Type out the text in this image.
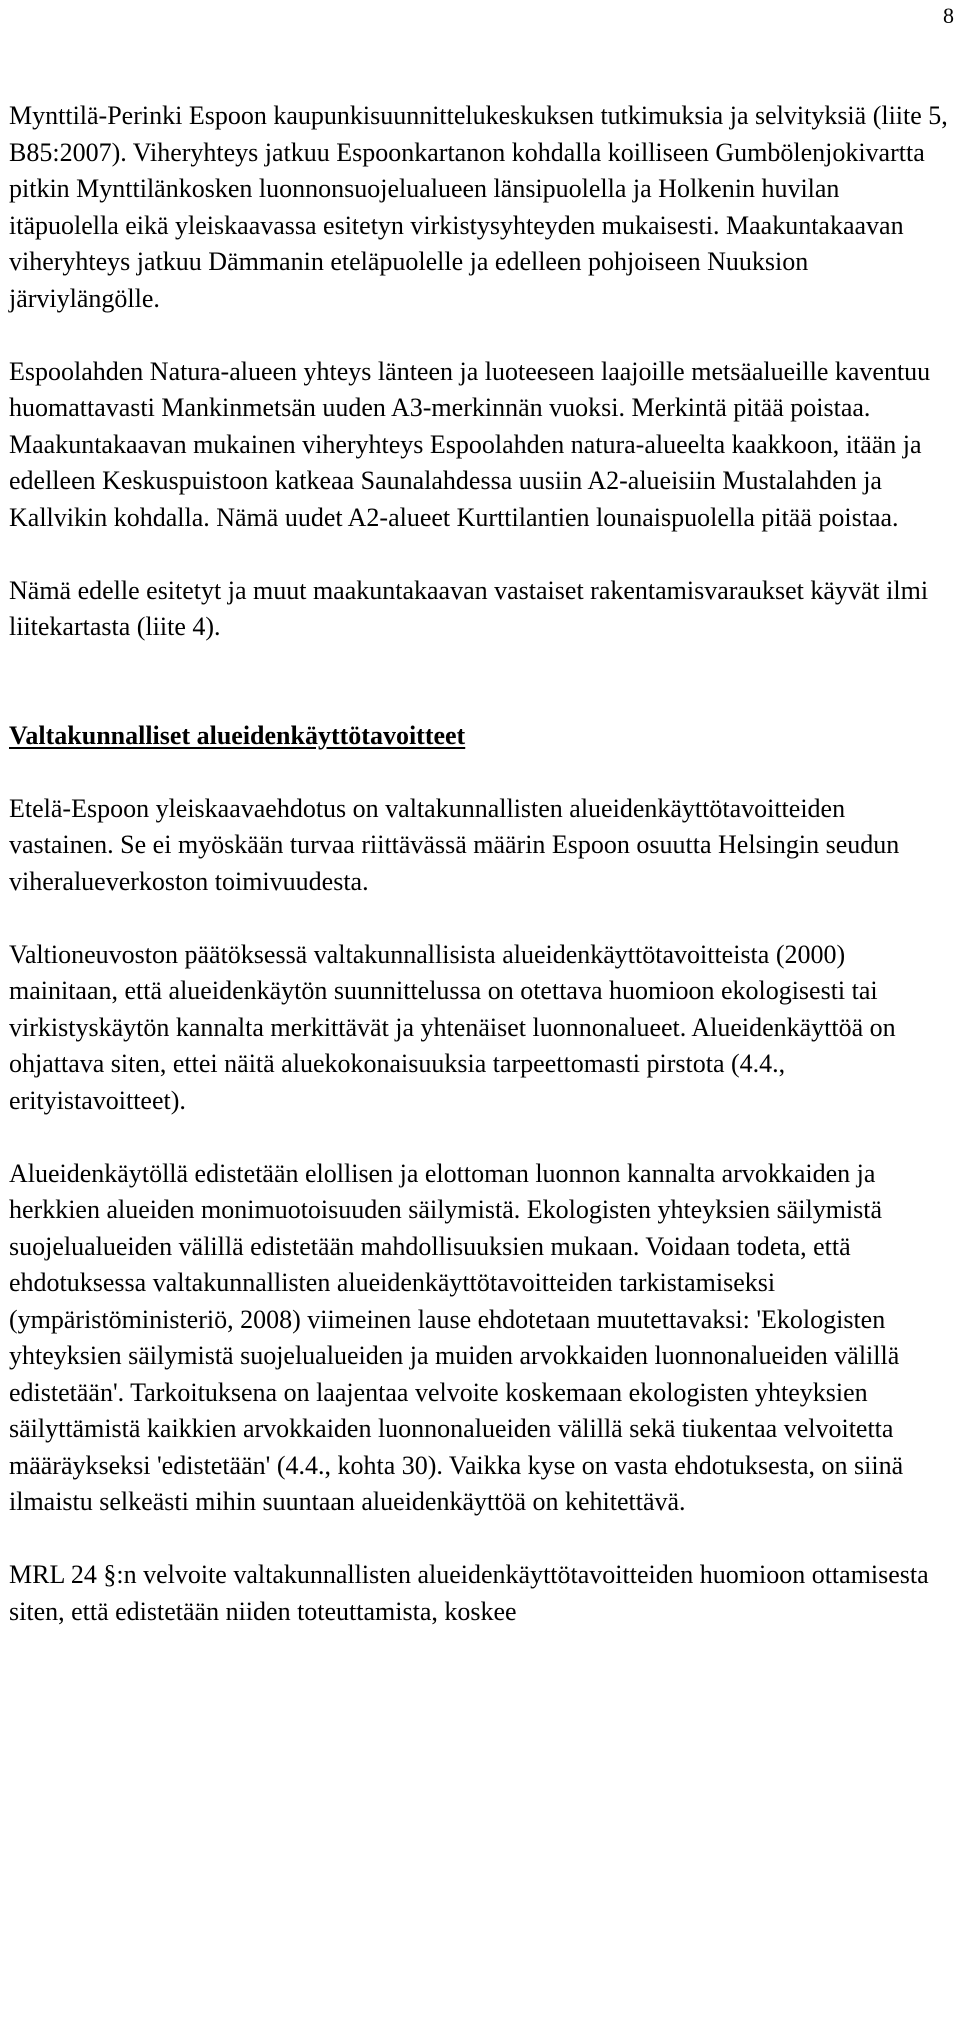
8

Mynttilä-Perinki Espoon kaupunkisuunnittelukeskuksen tutkimuksia ja selvityksiä (liite 5, B85:2007). Viheryhteys jatkuu Espoonkartanon kohdalla koilliseen Gumbölenjokivartta pitkin Mynttilänkosken luonnonsuojelualueen länsipuolella ja Holkenin huvilan itäpuolella eikä yleiskaavassa esitetyn virkistysyhteyden mukaisesti. Maakuntakaavan viheryhteys jatkuu Dämmanin eteläpuolelle ja edelleen pohjoiseen Nuuksion järviylängölle.

Espoolahden Natura-alueen yhteys länteen ja luoteeseen laajoille metsäalueille kaventuu huomattavasti Mankinmetsän uuden A3-merkinnän vuoksi. Merkintä pitää poistaa. Maakuntakaavan mukainen viheryhteys Espoolahden natura-alueelta kaakkoon, itään ja edelleen Keskuspuistoon katkeaa Saunalahdessa uusiin A2-alueisiin Mustalahden ja Kallvikin kohdalla. Nämä uudet A2-alueet Kurttilantien lounaispuolella pitää poistaa.

Nämä edelle esitetyt ja muut maakuntakaavan vastaiset rakentamisvaraukset käyvät ilmi liitekartasta (liite 4).

Valtakunnalliset alueidenkäyttötavoitteet

Etelä-Espoon yleiskaavaehdotus on valtakunnallisten alueidenkäyttötavoitteiden vastainen. Se ei myöskään turvaa riittävässä määrin Espoon osuutta Helsingin seudun viheralueverkoston toimivuudesta.

Valtioneuvoston päätöksessä valtakunnallisista alueidenkäyttötavoitteista (2000) mainitaan, että alueidenkäytön suunnittelussa on otettava huomioon ekologisesti tai virkistyskäytön kannalta merkittävät ja yhtenäiset luonnonalueet. Alueidenkäyttöä on ohjattava siten, ettei näitä aluekokonaisuuksia tarpeettomasti pirstota (4.4., erityistavoitteet).

Alueidenkäytöllä edistetään elollisen ja elottoman luonnon kannalta arvokkaiden ja herkkien alueiden monimuotoisuuden säilymistä. Ekologisten yhteyksien säilymistä suojelualueiden välillä edistetään mahdollisuuksien mukaan. Voidaan todeta, että ehdotuksessa valtakunnallisten alueidenkäyttötavoitteiden tarkistamiseksi (ympäristöministeriö, 2008) viimeinen lause ehdotetaan muutettavaksi: 'Ekologisten yhteyksien säilymistä suojelualueiden ja muiden arvokkaiden luonnonalueiden välillä edistetään'. Tarkoituksena on laajentaa velvoite koskemaan ekologisten yhteyksien säilyttämistä kaikkien arvokkaiden luonnonalueiden välillä sekä tiukentaa velvoitetta määräykseksi 'edistetään' (4.4., kohta 30). Vaikka kyse on vasta ehdotuksesta, on siinä ilmaistu selkeästi mihin suuntaan alueidenkäyttöä on kehitettävä.

MRL 24 §:n velvoite valtakunnallisten alueidenkäyttötavoitteiden huomioon ottamisesta siten, että edistetään niiden toteuttamista, koskee
